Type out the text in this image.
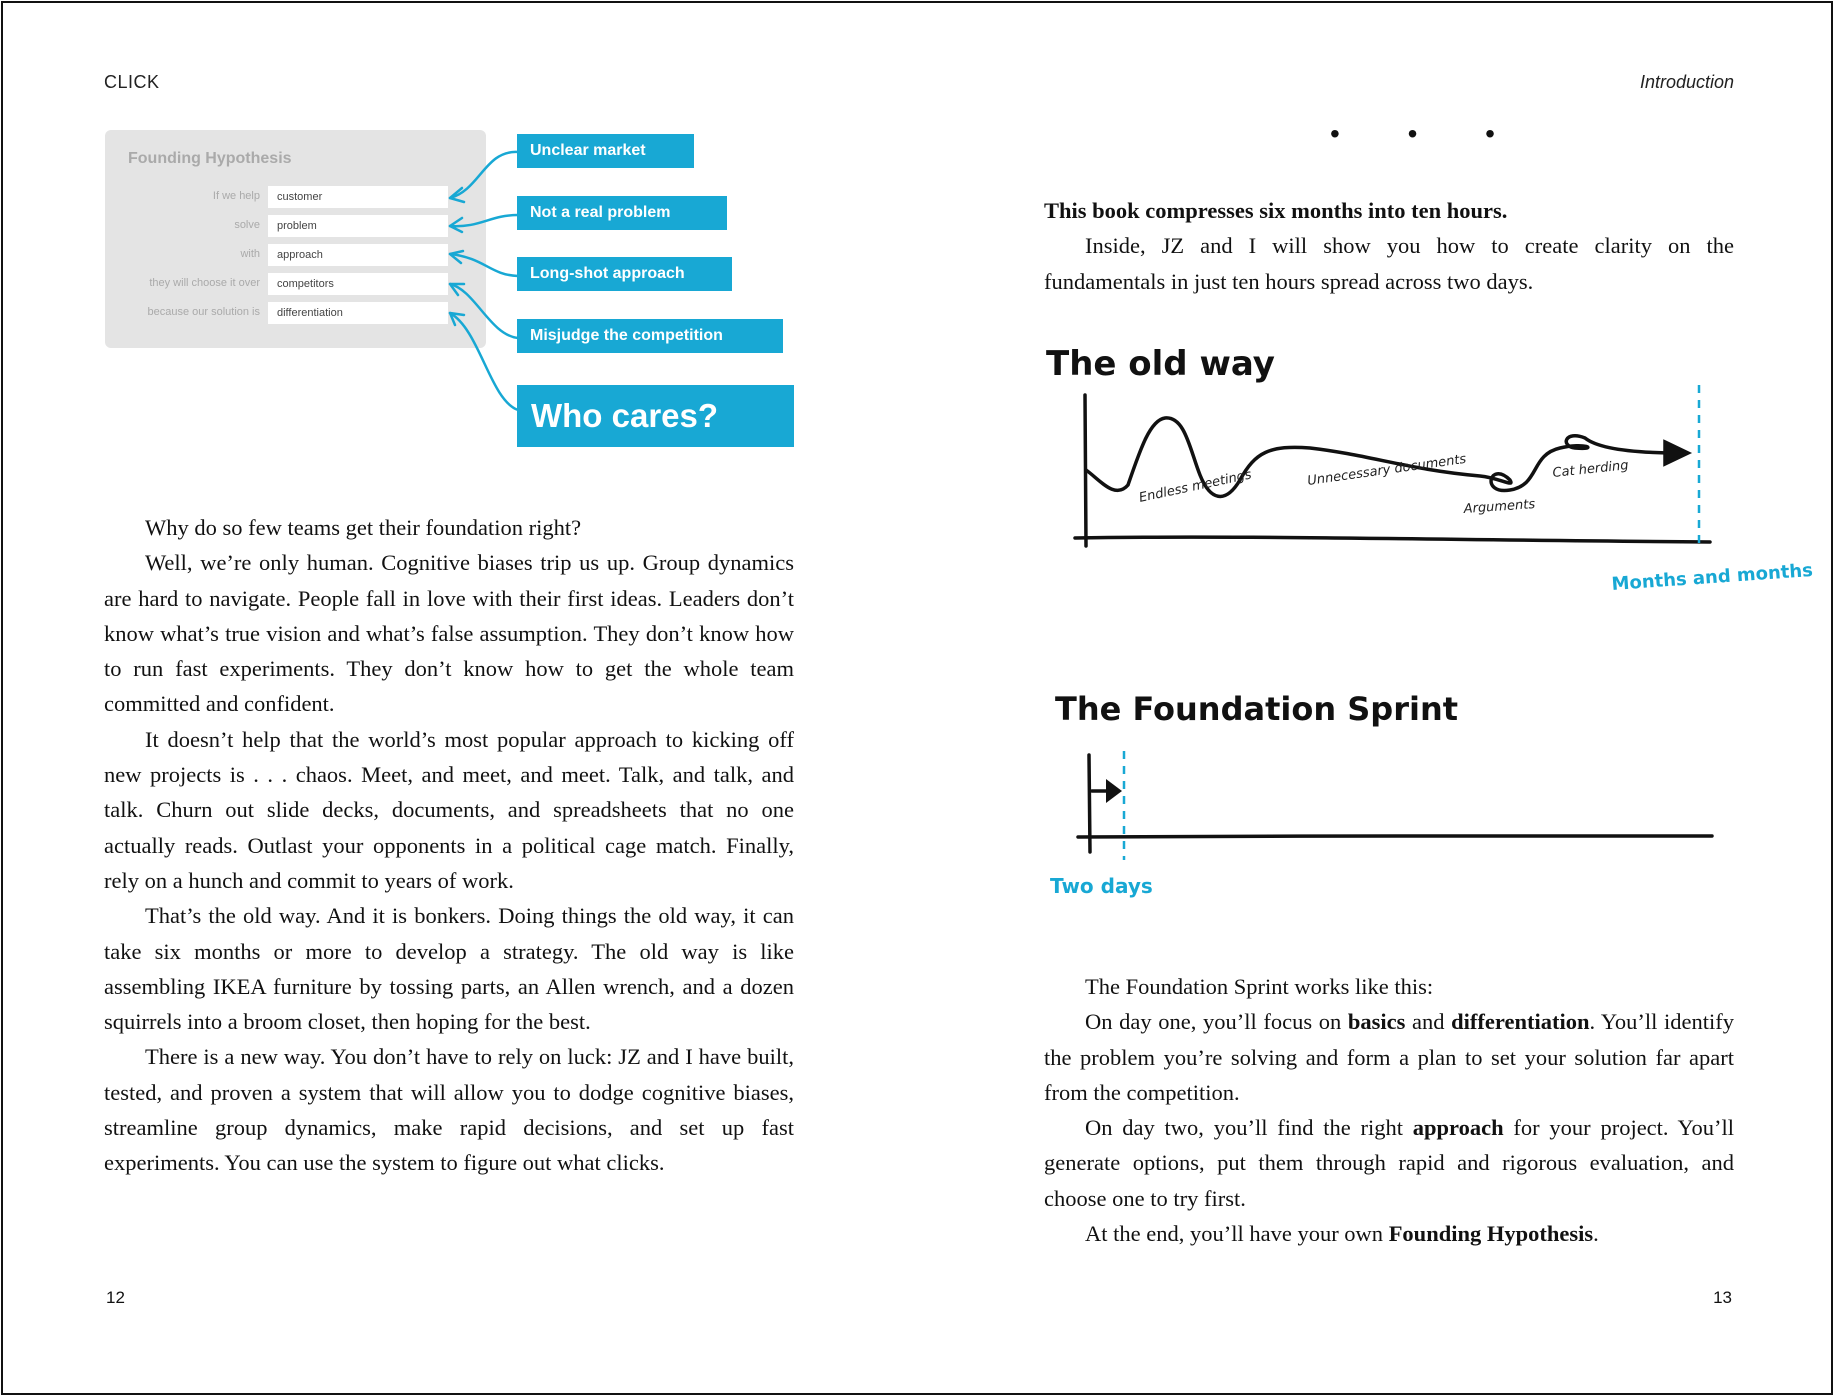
CLICK	Introduction
Founding Hypothesis
If we help	customer
solve	problem
with	approach
they will choose it over	competitors
because our solution is	differentiation
Unclear market
Not a real problem
Long-shot approach
Misjudge the competition
Who cares?

Why do so few teams get their foundation right?

Well, we’re only human. Cognitive biases trip us up. Group dynamics are hard to navigate. People fall in love with their first ideas. Leaders don’t know what’s true vision and what’s false assumption. They don’t know how to run fast experiments. They don’t know how to get the whole team committed and confident.

It doesn’t help that the world’s most popular approach to kicking off new projects is . . . chaos. Meet, and meet, and meet. Talk, and talk, and talk. Churn out slide decks, documents, and spreadsheets that no one actually reads. Outlast your opponents in a political cage match. Finally, rely on a hunch and commit to years of work.

That’s the old way. And it is bonkers. Doing things the old way, it can take six months or more to develop a strategy. The old way is like assembling IKEA furniture by tossing parts, an Allen wrench, and a dozen squirrels into a broom closet, then hoping for the best.

There is a new way. You don’t have to rely on luck: JZ and I have built, tested, and proven a system that will allow you to dodge cognitive biases, streamline group dynamics, make rapid decisions, and set up fast experiments. You can use the system to figure out what clicks.

• • •

This book compresses six months into ten hours.

Inside, JZ and I will show you how to create clarity on the fundamentals in just ten hours spread across two days.

The old way
Endless meetings	Unnecessary documents
Arguments
Cat herding
Months and months
The Foundation Sprint
Two days

The Foundation Sprint works like this:

On day one, you’ll focus on basics and differentiation. You’ll identify the problem you’re solving and form a plan to set your solution far apart from the competition.

On day two, you’ll find the right approach for your project. You’ll generate options, put them through rapid and rigorous evaluation, and choose one to try first.

At the end, you’ll have your own Founding Hypothesis.

12	13
